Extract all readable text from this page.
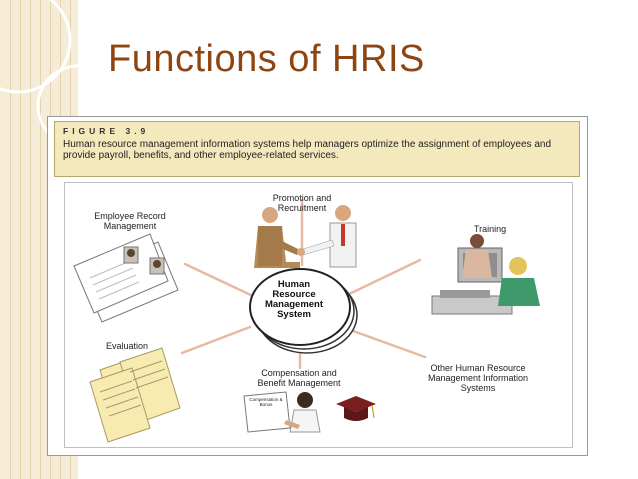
Functions of HRIS
FIGURE 3.9
Human resource management information systems help managers optimize the assignment of employees and provide payroll, benefits, and other employee-related services.
Employee Record
Management
Promotion and
Recruitment
Training
Evaluation
Compensation and
Benefit Management
Other Human Resource
Management Information
Systems
Compensation &
Bonus
Human
Resource
Management
System
